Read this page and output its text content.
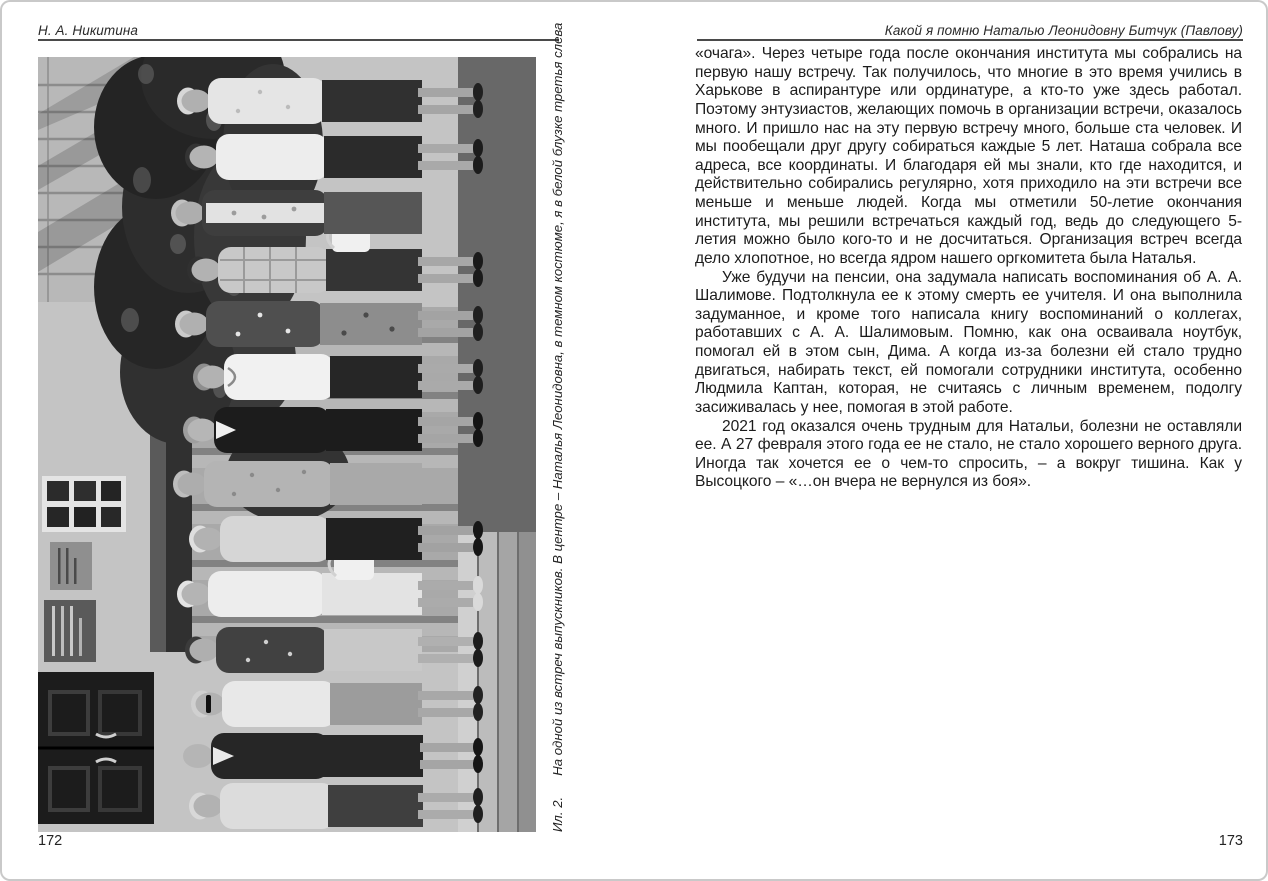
Н. А. Никитина	Какой я помню Наталью Леонидовну Битчук (Павлову)
Ил. 2.На одной из встреч выпускников. В центре – Наталья Леонидовна, в темном костюме, я в белой блузке третья слева	«очага». Через четыре года после окончания института мы собрались на первую нашу встречу. Так получилось, что многие в это время учились в Харькове в аспирантуре или ординатуре, а кто-то уже здесь работал. Поэтому энтузиастов, желающих помочь в организации встречи, оказалось много. И пришло нас на эту первую встречу много, больше ста человек. И мы пообещали друг другу собираться каждые 5 лет. Наташа собрала все адреса, все координаты. И благодаря ей мы знали, кто где находится, и действительно собирались регулярно, хотя приходило на эти встречи все меньше и меньше людей. Когда мы отметили 50-летие окончания института, мы решили встречаться каждый год, ведь до следующего 5-летия можно было кого-то и не досчитаться. Организация встреч всегда дело хлопотное, но всегда ядром нашего оргкомитета была Наталья.

Уже будучи на пенсии, она задумала написать воспоминания об А. А. Шалимове. Подтолкнула ее к этому смерть ее учителя. И она выполнила задуманное, и кроме того написала книгу воспоминаний о коллегах, работавших с А. А. Шалимовым. Помню, как она осваивала ноутбук, помогал ей в этом сын, Дима. А когда из-за болезни ей стало трудно двигаться, набирать текст, ей помогали сотрудники института, особенно Людмила Каптан, которая, не считаясь с личным временем, подолгу засиживалась у нее, помогая в этой работе.

2021 год оказался очень трудным для Натальи, болезни не оставляли ее. А 27 февраля этого года ее не стало, не стало хорошего верного друга. Иногда так хочется ее о чем-то спросить, – а вокруг тишина. Как у Высоцкого – «…он вчера не вернулся из боя».

172	173
